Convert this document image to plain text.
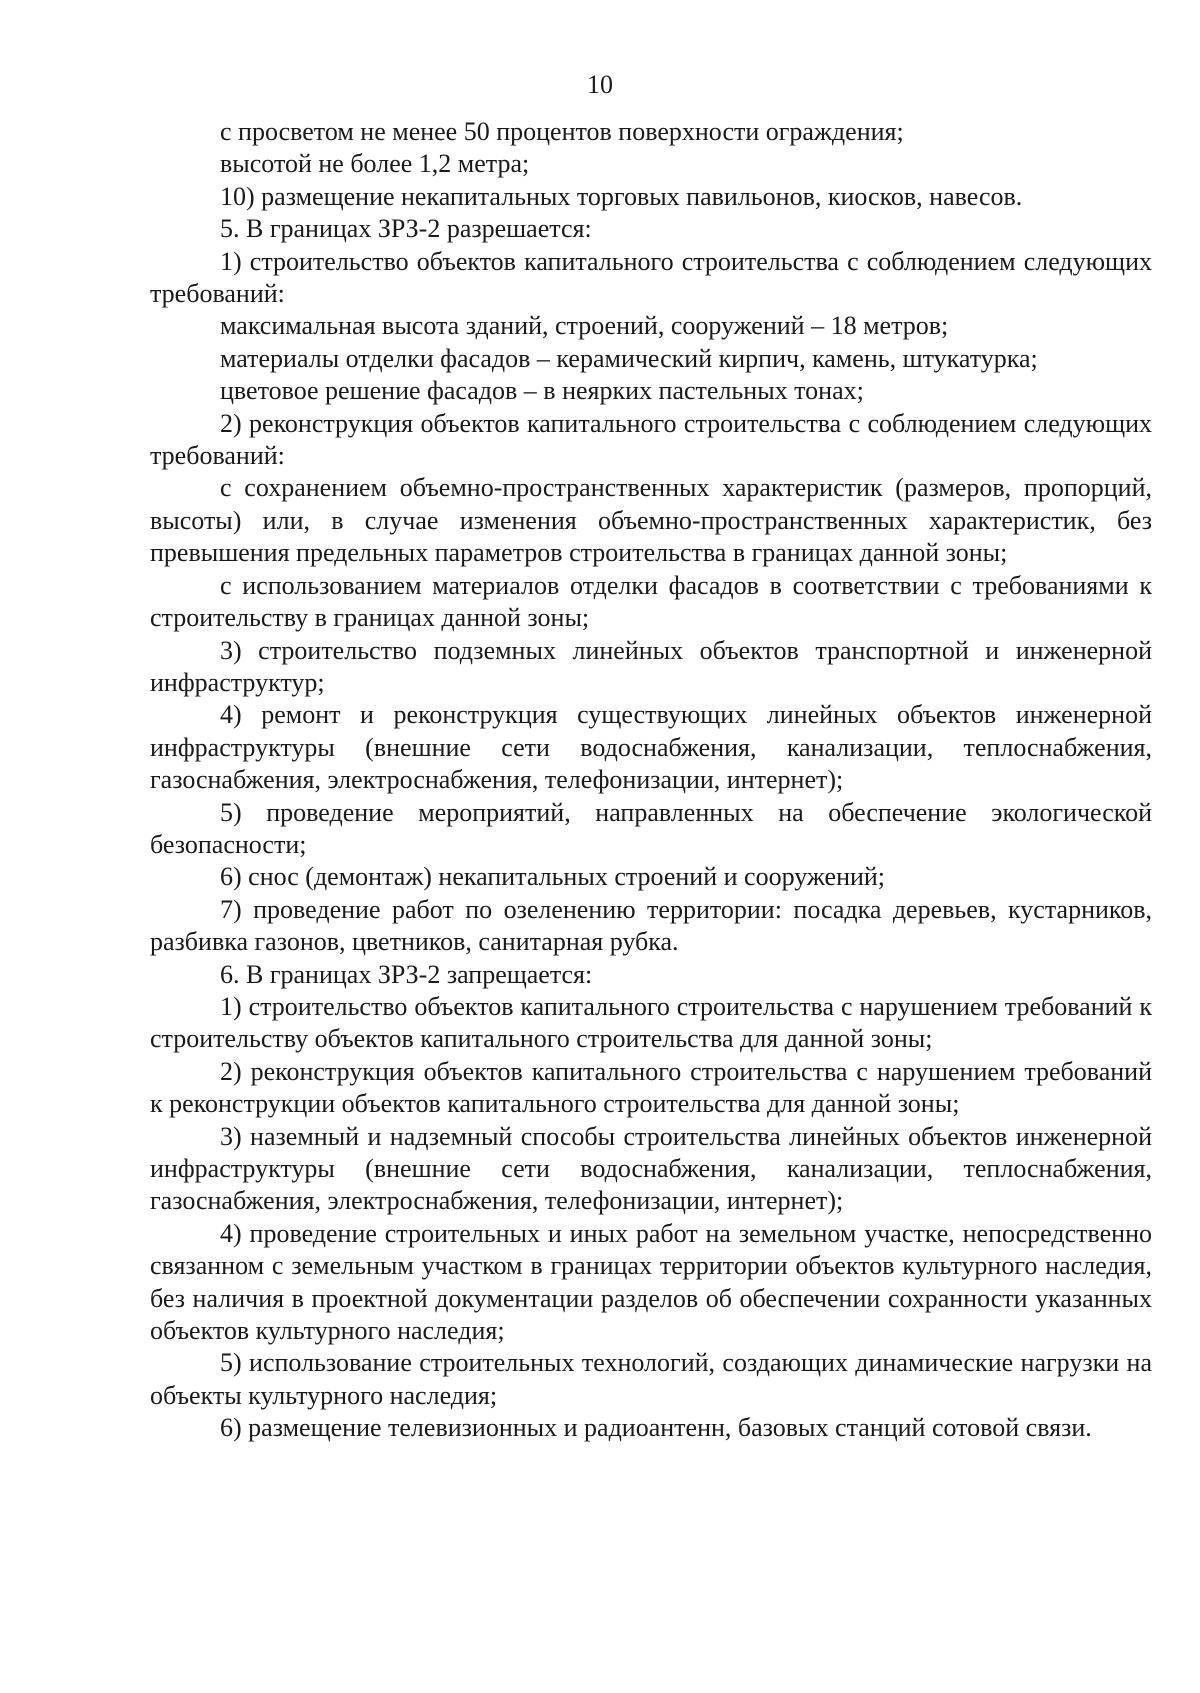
10

с просветом не менее 50 процентов поверхности ограждения;

высотой не более 1,2 метра;

10) размещение некапитальных торговых павильонов, киосков, навесов.

5. В границах ЗРЗ-2 разрешается:

1) строительство объектов капитального строительства с соблюдением следующих требований:

максимальная высота зданий, строений, сооружений – 18 метров;

материалы отделки фасадов – керамический кирпич, камень, штукатурка;

цветовое решение фасадов – в неярких пастельных тонах;

2) реконструкция объектов капитального строительства с соблюдением следующих требований:

с сохранением объемно-пространственных характеристик (размеров, пропорций, высоты) или, в случае изменения объемно-пространственных характеристик, без превышения предельных параметров строительства в границах данной зоны;

с использованием материалов отделки фасадов в соответствии с требованиями к строительству в границах данной зоны;

3) строительство подземных линейных объектов транспортной и инженерной инфраструктур;

4) ремонт и реконструкция существующих линейных объектов инженерной инфраструктуры (внешние сети водоснабжения, канализации, теплоснабжения, газоснабжения, электроснабжения, телефонизации, интернет);

5) проведение мероприятий, направленных на обеспечение экологической безопасности;

6) снос (демонтаж) некапитальных строений и сооружений;

7) проведение работ по озеленению территории: посадка деревьев, кустарников, разбивка газонов, цветников, санитарная рубка.

6. В границах ЗРЗ-2 запрещается:

1) строительство объектов капитального строительства с нарушением требований к строительству объектов капитального строительства для данной зоны;

2) реконструкция объектов капитального строительства с нарушением требований к реконструкции объектов капитального строительства для данной зоны;

3) наземный и надземный способы строительства линейных объектов инженерной инфраструктуры (внешние сети водоснабжения, канализации, теплоснабжения, газоснабжения, электроснабжения, телефонизации, интернет);

4) проведение строительных и иных работ на земельном участке, непосредственно связанном с земельным участком в границах территории объектов культурного наследия, без наличия в проектной документации разделов об обеспечении сохранности указанных объектов культурного наследия;

5) использование строительных технологий, создающих динамические нагрузки на объекты культурного наследия;

6) размещение телевизионных и радиоантенн, базовых станций сотовой связи.
